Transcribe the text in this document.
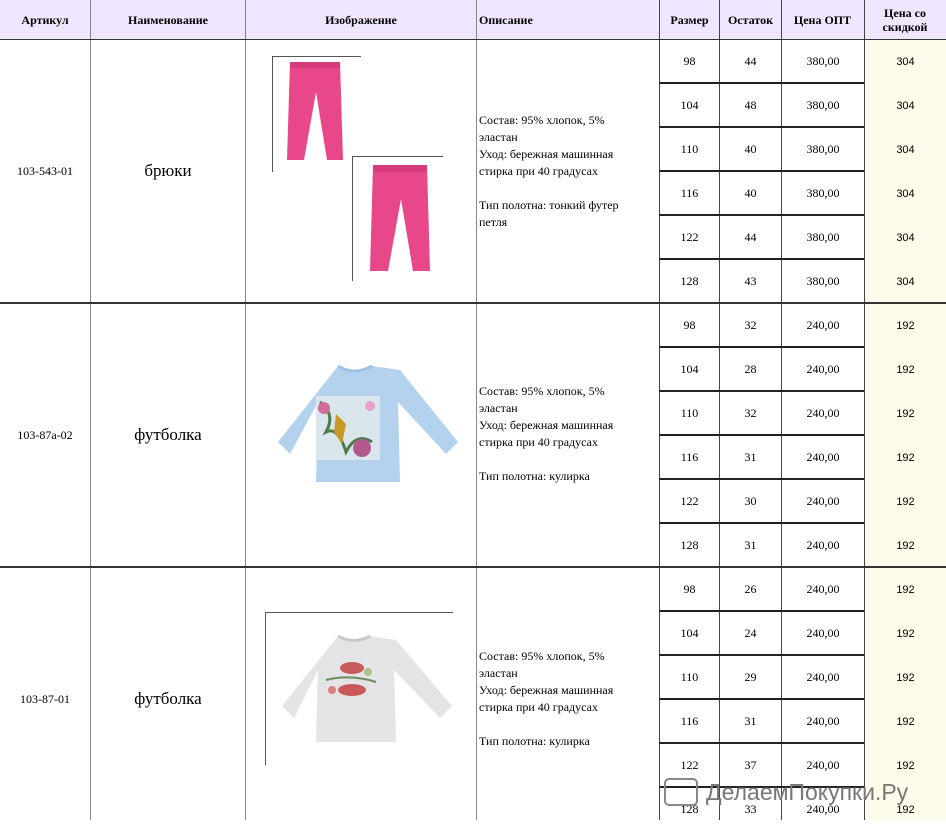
Артикул	Наименование	Изображение	Описание	Размер	Остаток	Цена ОПТ	Цена со скидкой
103-543-01	брюки
Состав: 95% хлопок, 5%
эластан
Уход: бережная машинная
стирка при 40 градусах
Тип полотна: тонкий футер
петля
98	44	380,00	304
104	48	380,00	304
110	40	380,00	304
116	40	380,00	304
122	44	380,00	304
128	43	380,00	304
103-87а-02	футболка
Состав: 95% хлопок, 5%
эластан
Уход: бережная машинная
стирка при 40 градусах
Тип полотна: кулирка
98	32	240,00	192
104	28	240,00	192
110	32	240,00	192
116	31	240,00	192
122	30	240,00	192
128	31	240,00	192
103-87-01	футболка
Состав: 95% хлопок, 5%
эластан
Уход: бережная машинная
стирка при 40 градусах
Тип полотна: кулирка
98	26	240,00	192
104	24	240,00	192
110	29	240,00	192
116	31	240,00	192
122	37	240,00	192
128	33	240,00	192
ДелаемПокупки.Ру
